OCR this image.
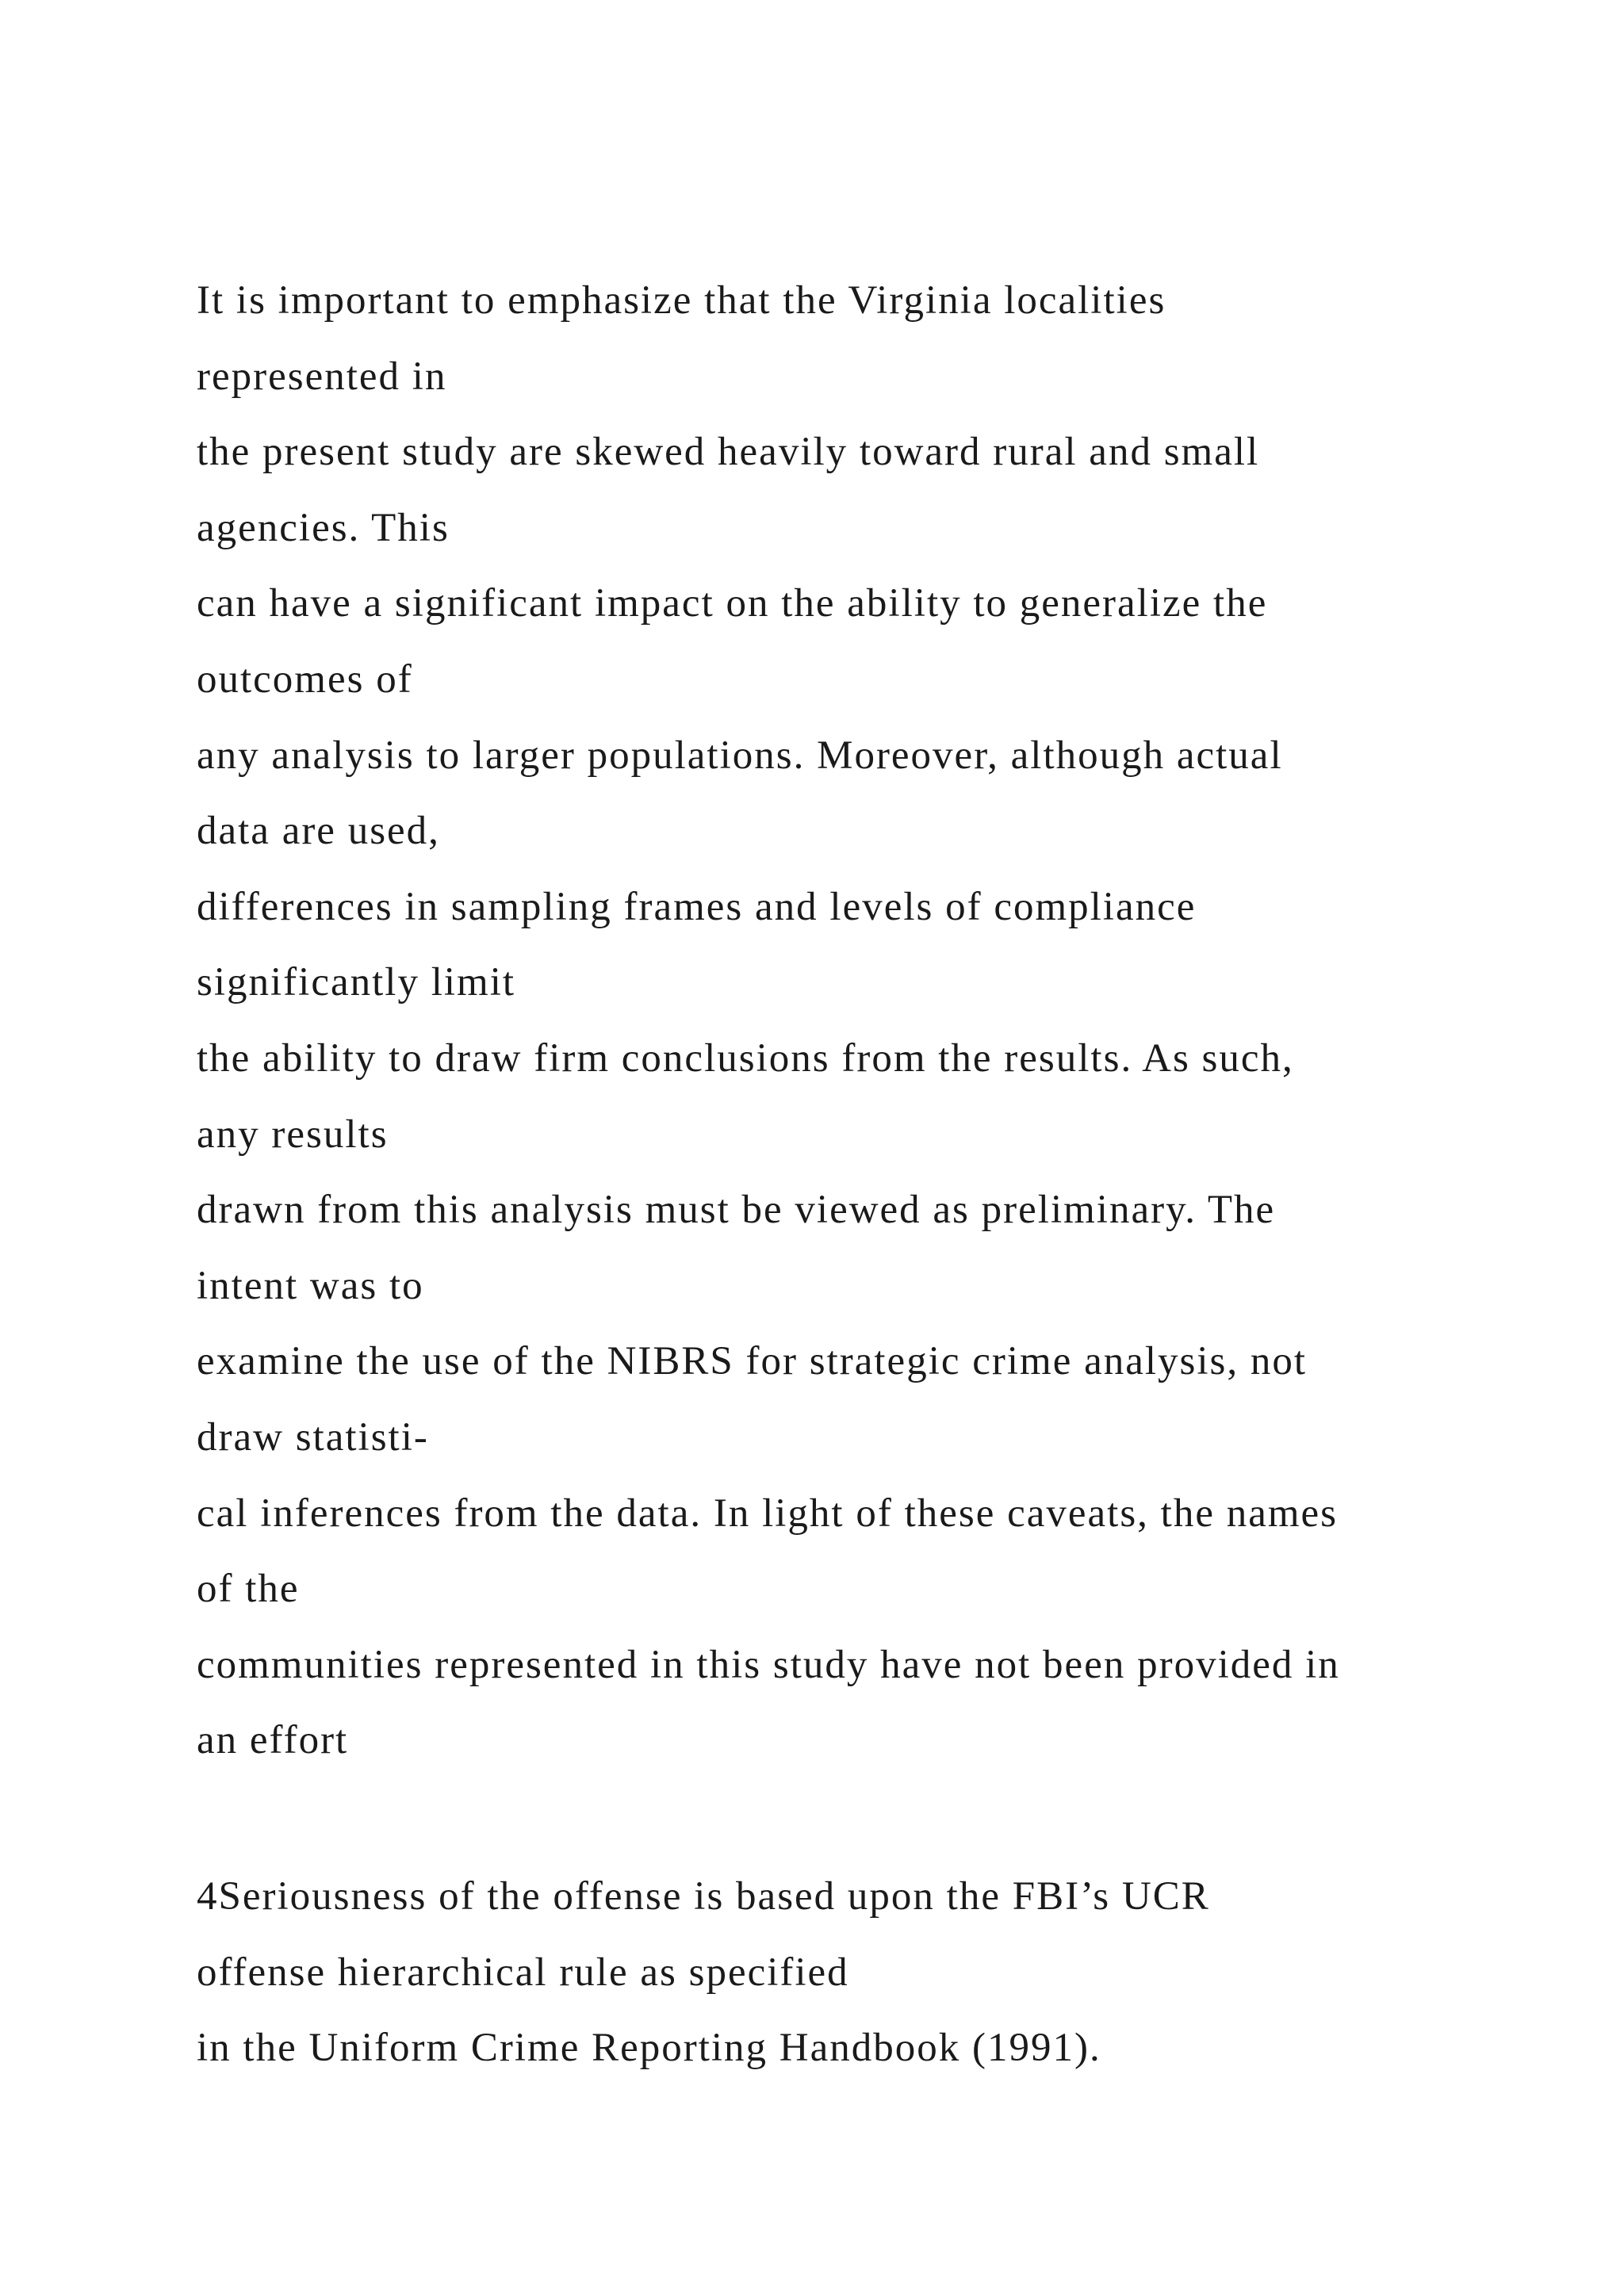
It is important to emphasize that the Virginia localities
represented in
the present study are skewed heavily toward rural and small
agencies. This
can have a significant impact on the ability to generalize the
outcomes of
any analysis to larger populations. Moreover, although actual
data are used,
differences in sampling frames and levels of compliance
significantly limit
the ability to draw firm conclusions from the results. As such,
any results
drawn from this analysis must be viewed as preliminary. The
intent was to
examine the use of the NIBRS for strategic crime analysis, not
draw statisti-
cal inferences from the data. In light of these caveats, the names
of the
communities represented in this study have not been provided in
an effort
4Seriousness of the offense is based upon the FBI’s UCR
offense hierarchical rule as specified
in the Uniform Crime Reporting Handbook (1991).
